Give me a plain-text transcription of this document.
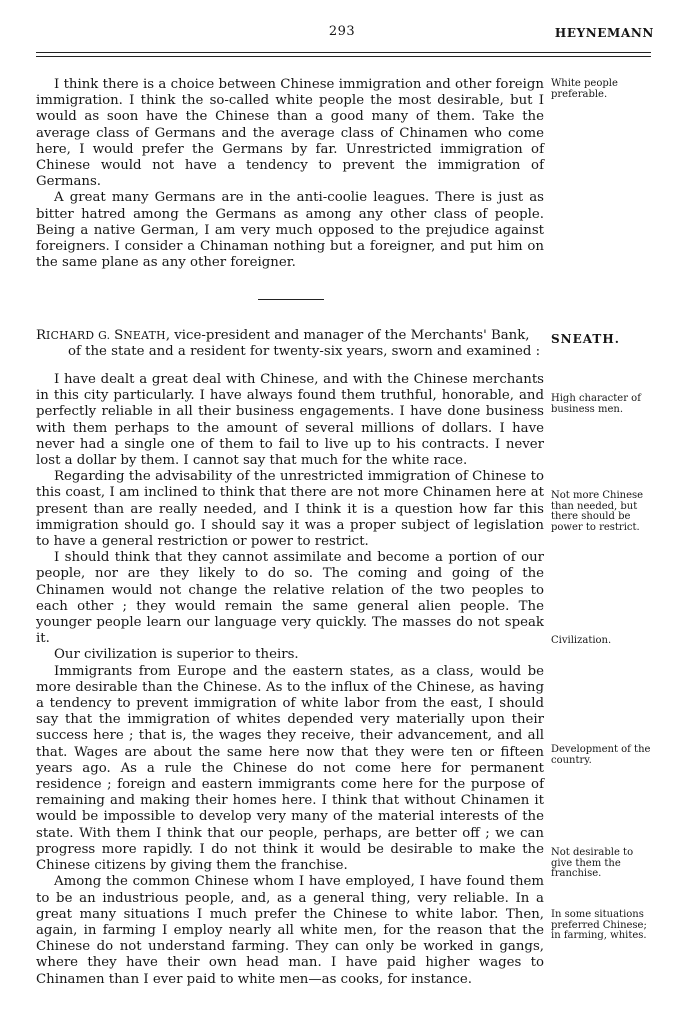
293	HEYNEMANN

I think there is a choice between Chinese immigration and other foreign immigration. I think the so-called white people the most desirable, but I would as soon have the Chinese than a good many of them. Take the average class of Germans and the average class of Chinamen who come here, I would prefer the Germans by far. Unrestricted immigration of Chinese would not have a tendency to prevent the immigration of Germans.

A great many Germans are in the anti-coolie leagues. There is just as bitter hatred among the Germans as among any other class of people. Being a native German, I am very much opposed to the prejudice against foreigners. I consider a Chinaman nothing but a foreigner, and put him on the same plane as any other foreigner.

White people preferable.
RICHARD G. SNEATH, vice-president and manager of the Merchants' Bank,
of the state and a resident for twenty-six years, sworn and examined :
SNEATH.

I have dealt a great deal with Chinese, and with the Chinese merchants in this city particularly. I have always found them truthful, honorable, and perfectly reliable in all their business engagements. I have done business with them perhaps to the amount of several millions of dollars. I have never had a single one of them to fail to live up to his contracts. I never lost a dollar by them. I cannot say that much for the white race.

Regarding the advisability of the unrestricted immigration of Chinese to this coast, I am inclined to think that there are not more Chinamen here at present than are really needed, and I think it is a question how far this immigration should go. I should say it was a proper subject of legislation to have a general restriction or power to restrict.

I should think that they cannot assimilate and become a portion of our people, nor are they likely to do so. The coming and going of the Chinamen would not change the relative relation of the two peoples to each other ; they would remain the same general alien people. The younger people learn our language very quickly. The masses do not speak it.

Our civilization is superior to theirs.

Immigrants from Europe and the eastern states, as a class, would be more desirable than the Chinese. As to the influx of the Chinese, as having a tendency to prevent immigration of white labor from the east, I should say that the immigration of whites depended very materially upon their success here ; that is, the wages they receive, their advancement, and all that. Wages are about the same here now that they were ten or fifteen years ago. As a rule the Chinese do not come here for permanent residence ; foreign and eastern immigrants come here for the purpose of remaining and making their homes here. I think that without Chinamen it would be impossible to develop very many of the material interests of the state. With them I think that our people, perhaps, are better off ; we can progress more rapidly. I do not think it would be desirable to make the Chinese citizens by giving them the franchise.

Among the common Chinese whom I have employed, I have found them to be an industrious people, and, as a general thing, very reliable. In a great many situations I much prefer the Chinese to white labor. Then, again, in farming I employ nearly all white men, for the reason that the Chinese do not understand farming. They can only be worked in gangs, where they have their own head man. I have paid higher wages to Chinamen than I ever paid to white men—as cooks, for instance.

High character of business men.
Not more Chinese than needed, but there should be power to restrict.
Civilization.
Development of the country.
Not desirable to give them the franchise.
In some situations preferred Chinese; in farming, whites.
